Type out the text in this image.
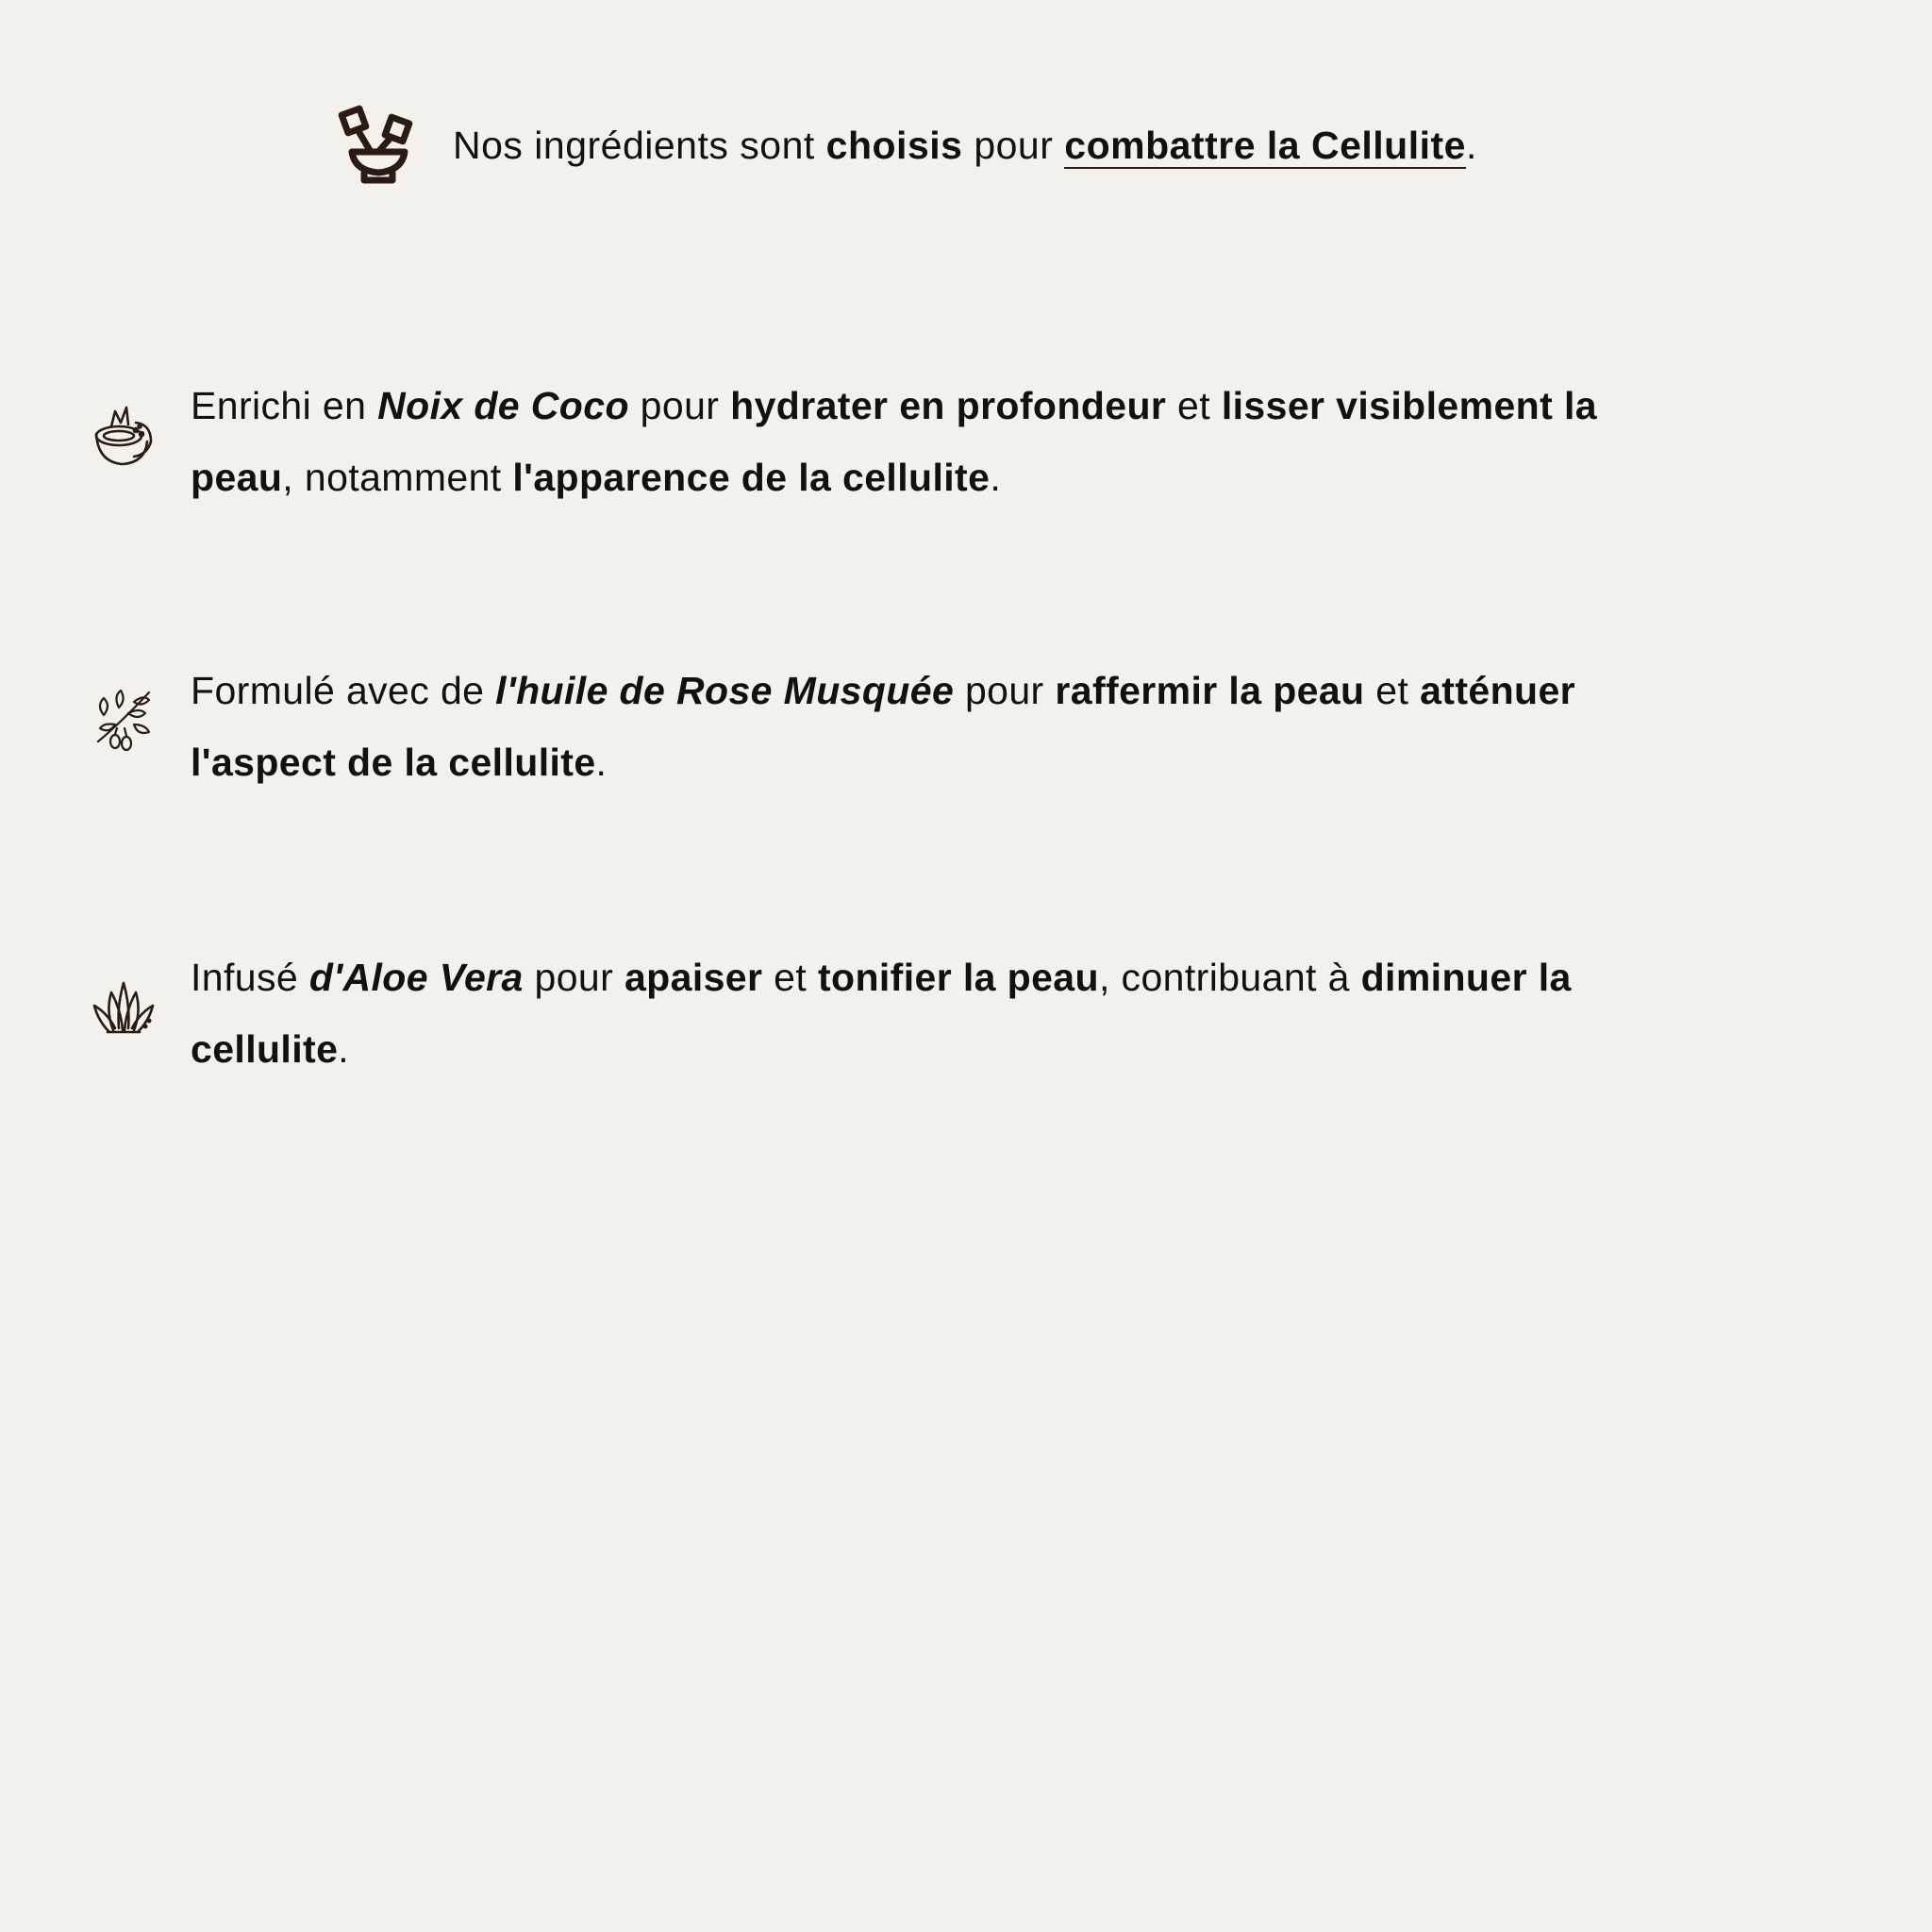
Nos ingrédients sont choisis pour combattre la Cellulite.
Enrichi en Noix de Coco pour hydrater en profondeur et lisser visiblement la peau, notamment l'apparence de la cellulite.
Formulé avec de l'huile de Rose Musquée pour raffermir la peau et atténuer l'aspect de la cellulite.
Infusé d'Aloe Vera pour apaiser et tonifier la peau, contribuant à diminuer la cellulite.
